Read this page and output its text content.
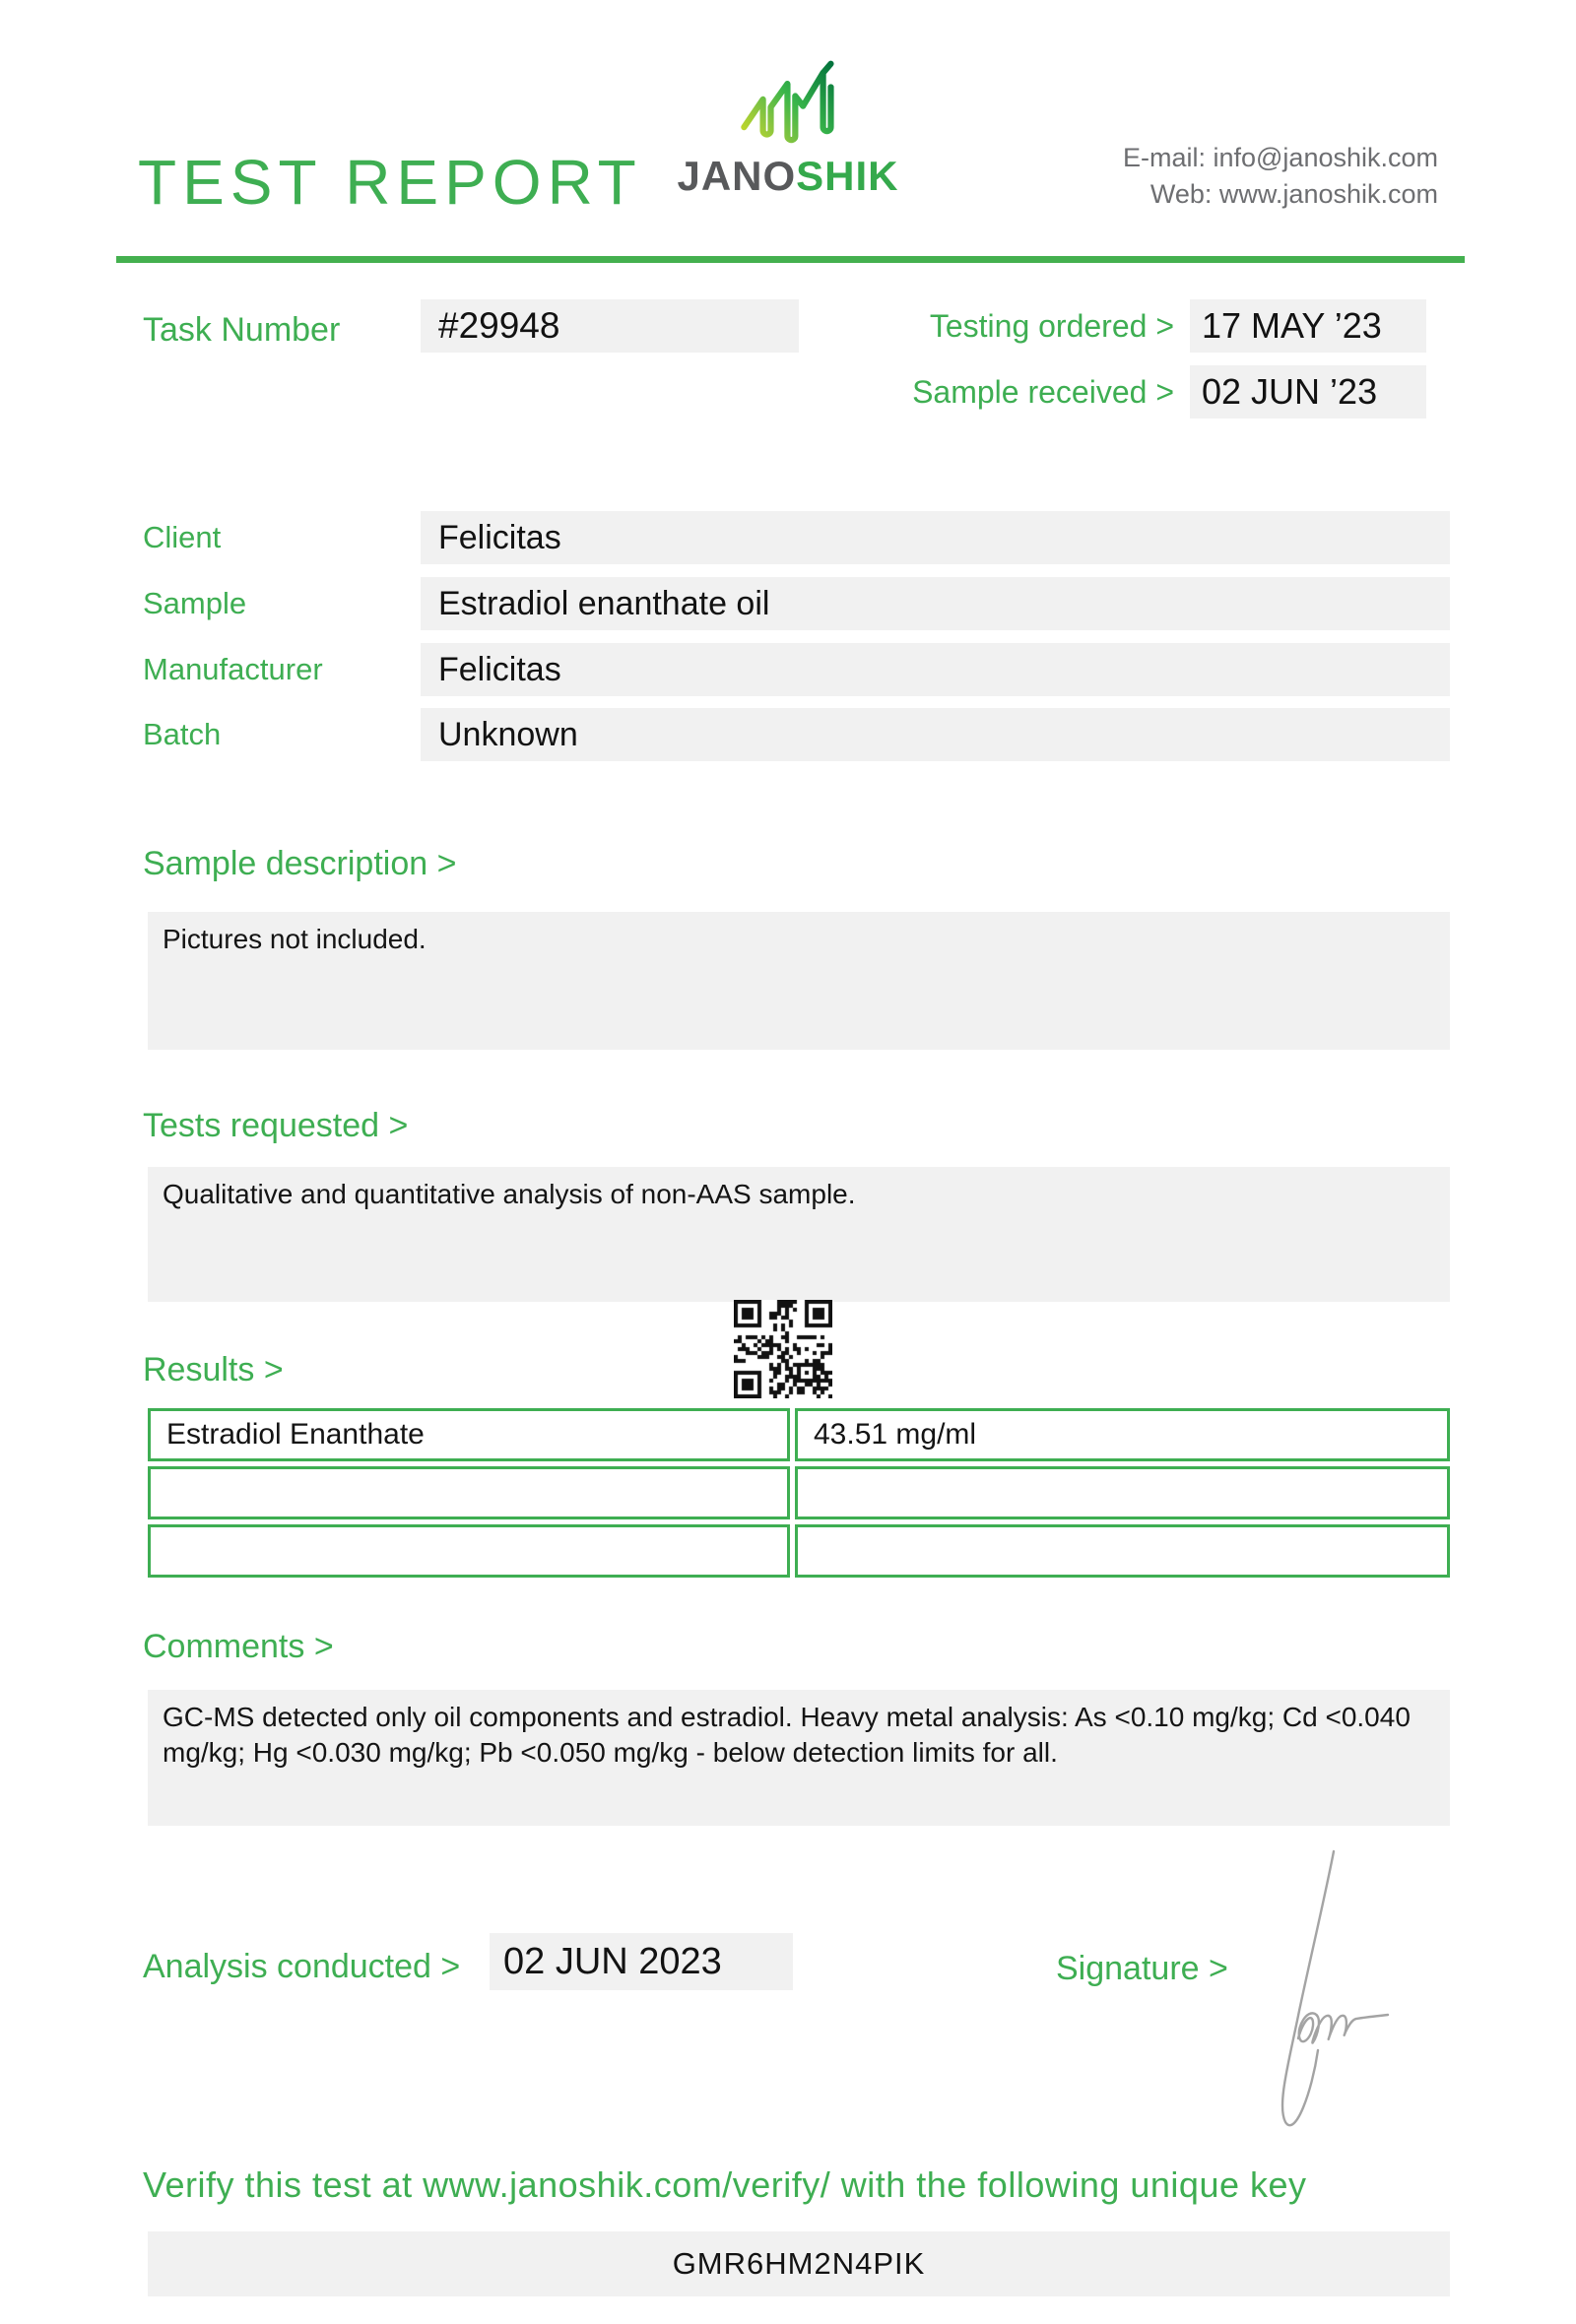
TEST REPORT JANOSHIK	E-mail: info@janoshik.com
Web: www.janoshik.com
Task Number	#29948	Testing ordered > 17 MAY ’23
Sample received > 02 JUN ’23
Client	Felicitas
Sample	Estradiol enanthate oil
Manufacturer	Felicitas
Batch	Unknown
Sample description >
Pictures not included.
Tests requested >
Qualitative and quantitative analysis of non-AAS sample.
Results >
Estradiol Enanthate	43.51 mg/ml
Comments >
GC-MS detected only oil components and estradiol. Heavy metal analysis: As <0.10 mg/kg; Cd <0.040 mg/kg; Hg <0.030 mg/kg; Pb <0.050 mg/kg - below detection limits for all.
Analysis conducted >	02 JUN 2023	Signature >
Verify this test at www.janoshik.com/verify/ with the following unique key
GMR6HM2N4PIK
